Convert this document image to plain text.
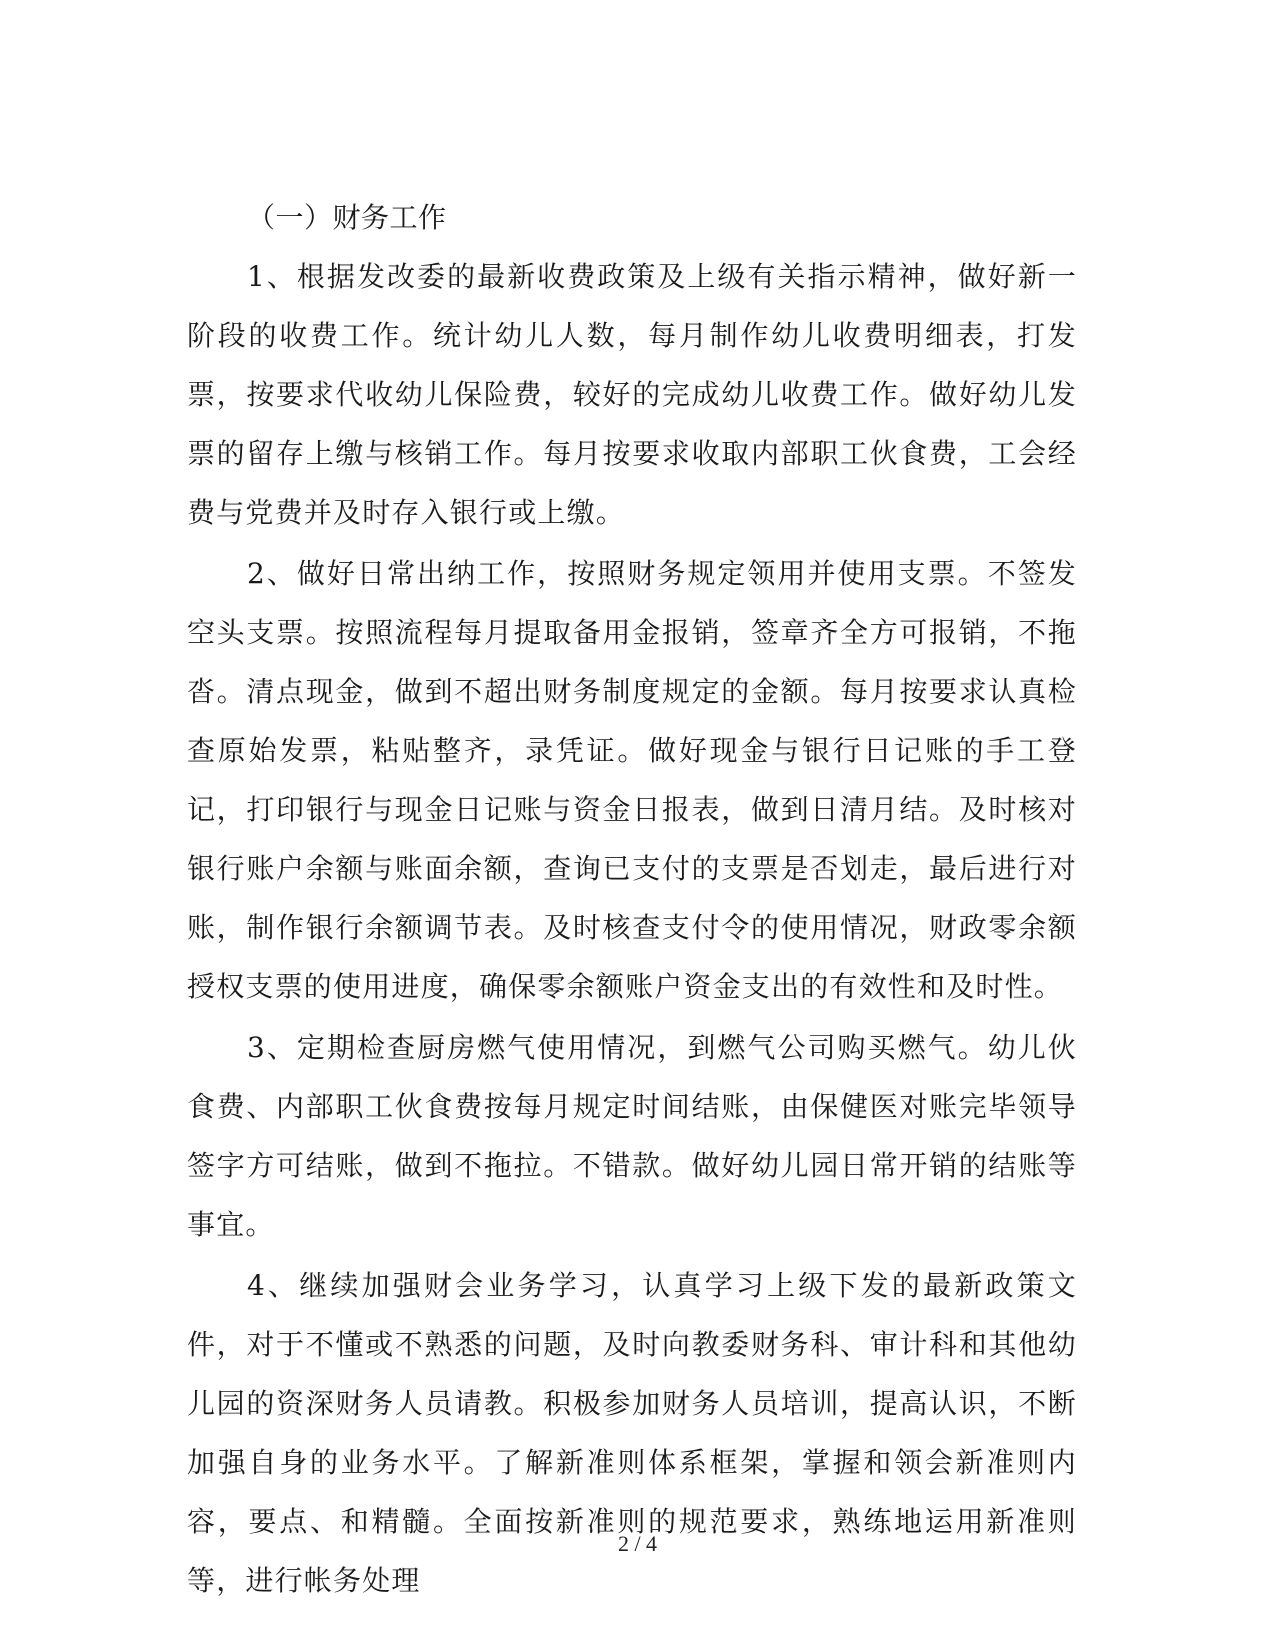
（一）财务工作

1、根据发改委的最新收费政策及上级有关指示精神，做好新一阶段的收费工作。统计幼儿人数，每月制作幼儿收费明细表，打发票，按要求代收幼儿保险费，较好的完成幼儿收费工作。做好幼儿发票的留存上缴与核销工作。每月按要求收取内部职工伙食费，工会经费与党费并及时存入银行或上缴。

2、做好日常出纳工作，按照财务规定领用并使用支票。不签发空头支票。按照流程每月提取备用金报销，签章齐全方可报销，不拖沓。清点现金，做到不超出财务制度规定的金额。每月按要求认真检查原始发票，粘贴整齐，录凭证。做好现金与银行日记账的手工登记，打印银行与现金日记账与资金日报表，做到日清月结。及时核对银行账户余额与账面余额，查询已支付的支票是否划走，最后进行对账，制作银行余额调节表。及时核查支付令的使用情况，财政零余额授权支票的使用进度，确保零余额账户资金支出的有效性和及时性。

3、定期检查厨房燃气使用情况，到燃气公司购买燃气。幼儿伙食费、内部职工伙食费按每月规定时间结账，由保健医对账完毕领导签字方可结账，做到不拖拉。不错款。做好幼儿园日常开销的结账等事宜。

4、继续加强财会业务学习，认真学习上级下发的最新政策文件，对于不懂或不熟悉的问题，及时向教委财务科、审计科和其他幼儿园的资深财务人员请教。积极参加财务人员培训，提高认识，不断加强自身的业务水平。了解新准则体系框架，掌握和领会新准则内容，要点、和精髓。全面按新准则的规范要求，熟练地运用新准则等，进行帐务处理

2 / 4
